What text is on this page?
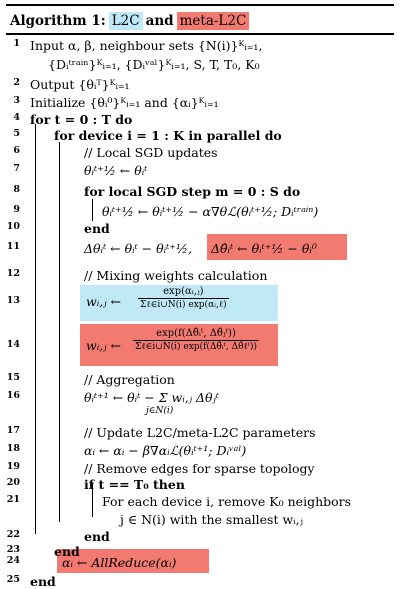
Algorithm 1: L2C and meta-L2C
1 Input α, β, neighbour sets {N(i)}ᴷᵢ₌₁,
{Dᵢᵗʳᵃⁱⁿ}ᴷᵢ₌₁, {Dᵢᵛᵃˡ}ᴷᵢ₌₁, S, T, T₀, K₀
2 Output {θᵢᵀ}ᴷᵢ₌₁
3 Initialize {θᵢ⁰}ᴷᵢ₌₁ and {αᵢ}ᴷᵢ₌₁
4 for t = 0 : T do
5	for device i = 1 : K in parallel do
6	// Local SGD updates
7	θᵢᵗ⁺½ ← θᵢᵗ
8	for local SGD step m = 0 : S do
9	θᵢᵗ⁺½ ← θᵢᵗ⁺½ − α∇θℒ(θᵢᵗ⁺½; Dᵢᵗʳᵃⁱⁿ)
10	end
11	Δθᵢᵗ ← θᵢᵗ − θᵢᵗ⁺½, Δθ̂ᵢᵗ ← θᵢᵗ⁺½ − θᵢ⁰
12	// Mixing weights calculation
13	wᵢ,ⱼ ← $\frac{\text{exp(αᵢ,ⱼ)}}{\text{Σℓ∈i∪N(i) exp(αᵢ,ℓ)}}$
14	wᵢ,ⱼ ← $\frac{\text{exp(f(Δθ̂ᵢᵗ, Δθ̂ⱼᵗ))}}{\text{Σℓ∈i∪N(i) exp(f(Δθ̂ᵢᵗ, Δθ̂ℓᵗ))}}$
15	// Aggregation
16	θᵢᵗ⁺¹ ← θᵢᵗ − Σ wᵢ,ⱼ Δθⱼᵗ
j∈N(i)
17	// Update L2C/meta-L2C parameters
18	αᵢ ← αᵢ − β∇αᵢℒ(θᵢᵗ⁺¹; Dᵢᵛᵃˡ)
19	// Remove edges for sparse topology
20	if t == T₀ then
21	For each device i, remove K₀ neighbors
j ∈ N(i) with the smallest wᵢ,ⱼ
22	end
23	end
24	αᵢ ← AllReduce(αᵢ)
25 end
